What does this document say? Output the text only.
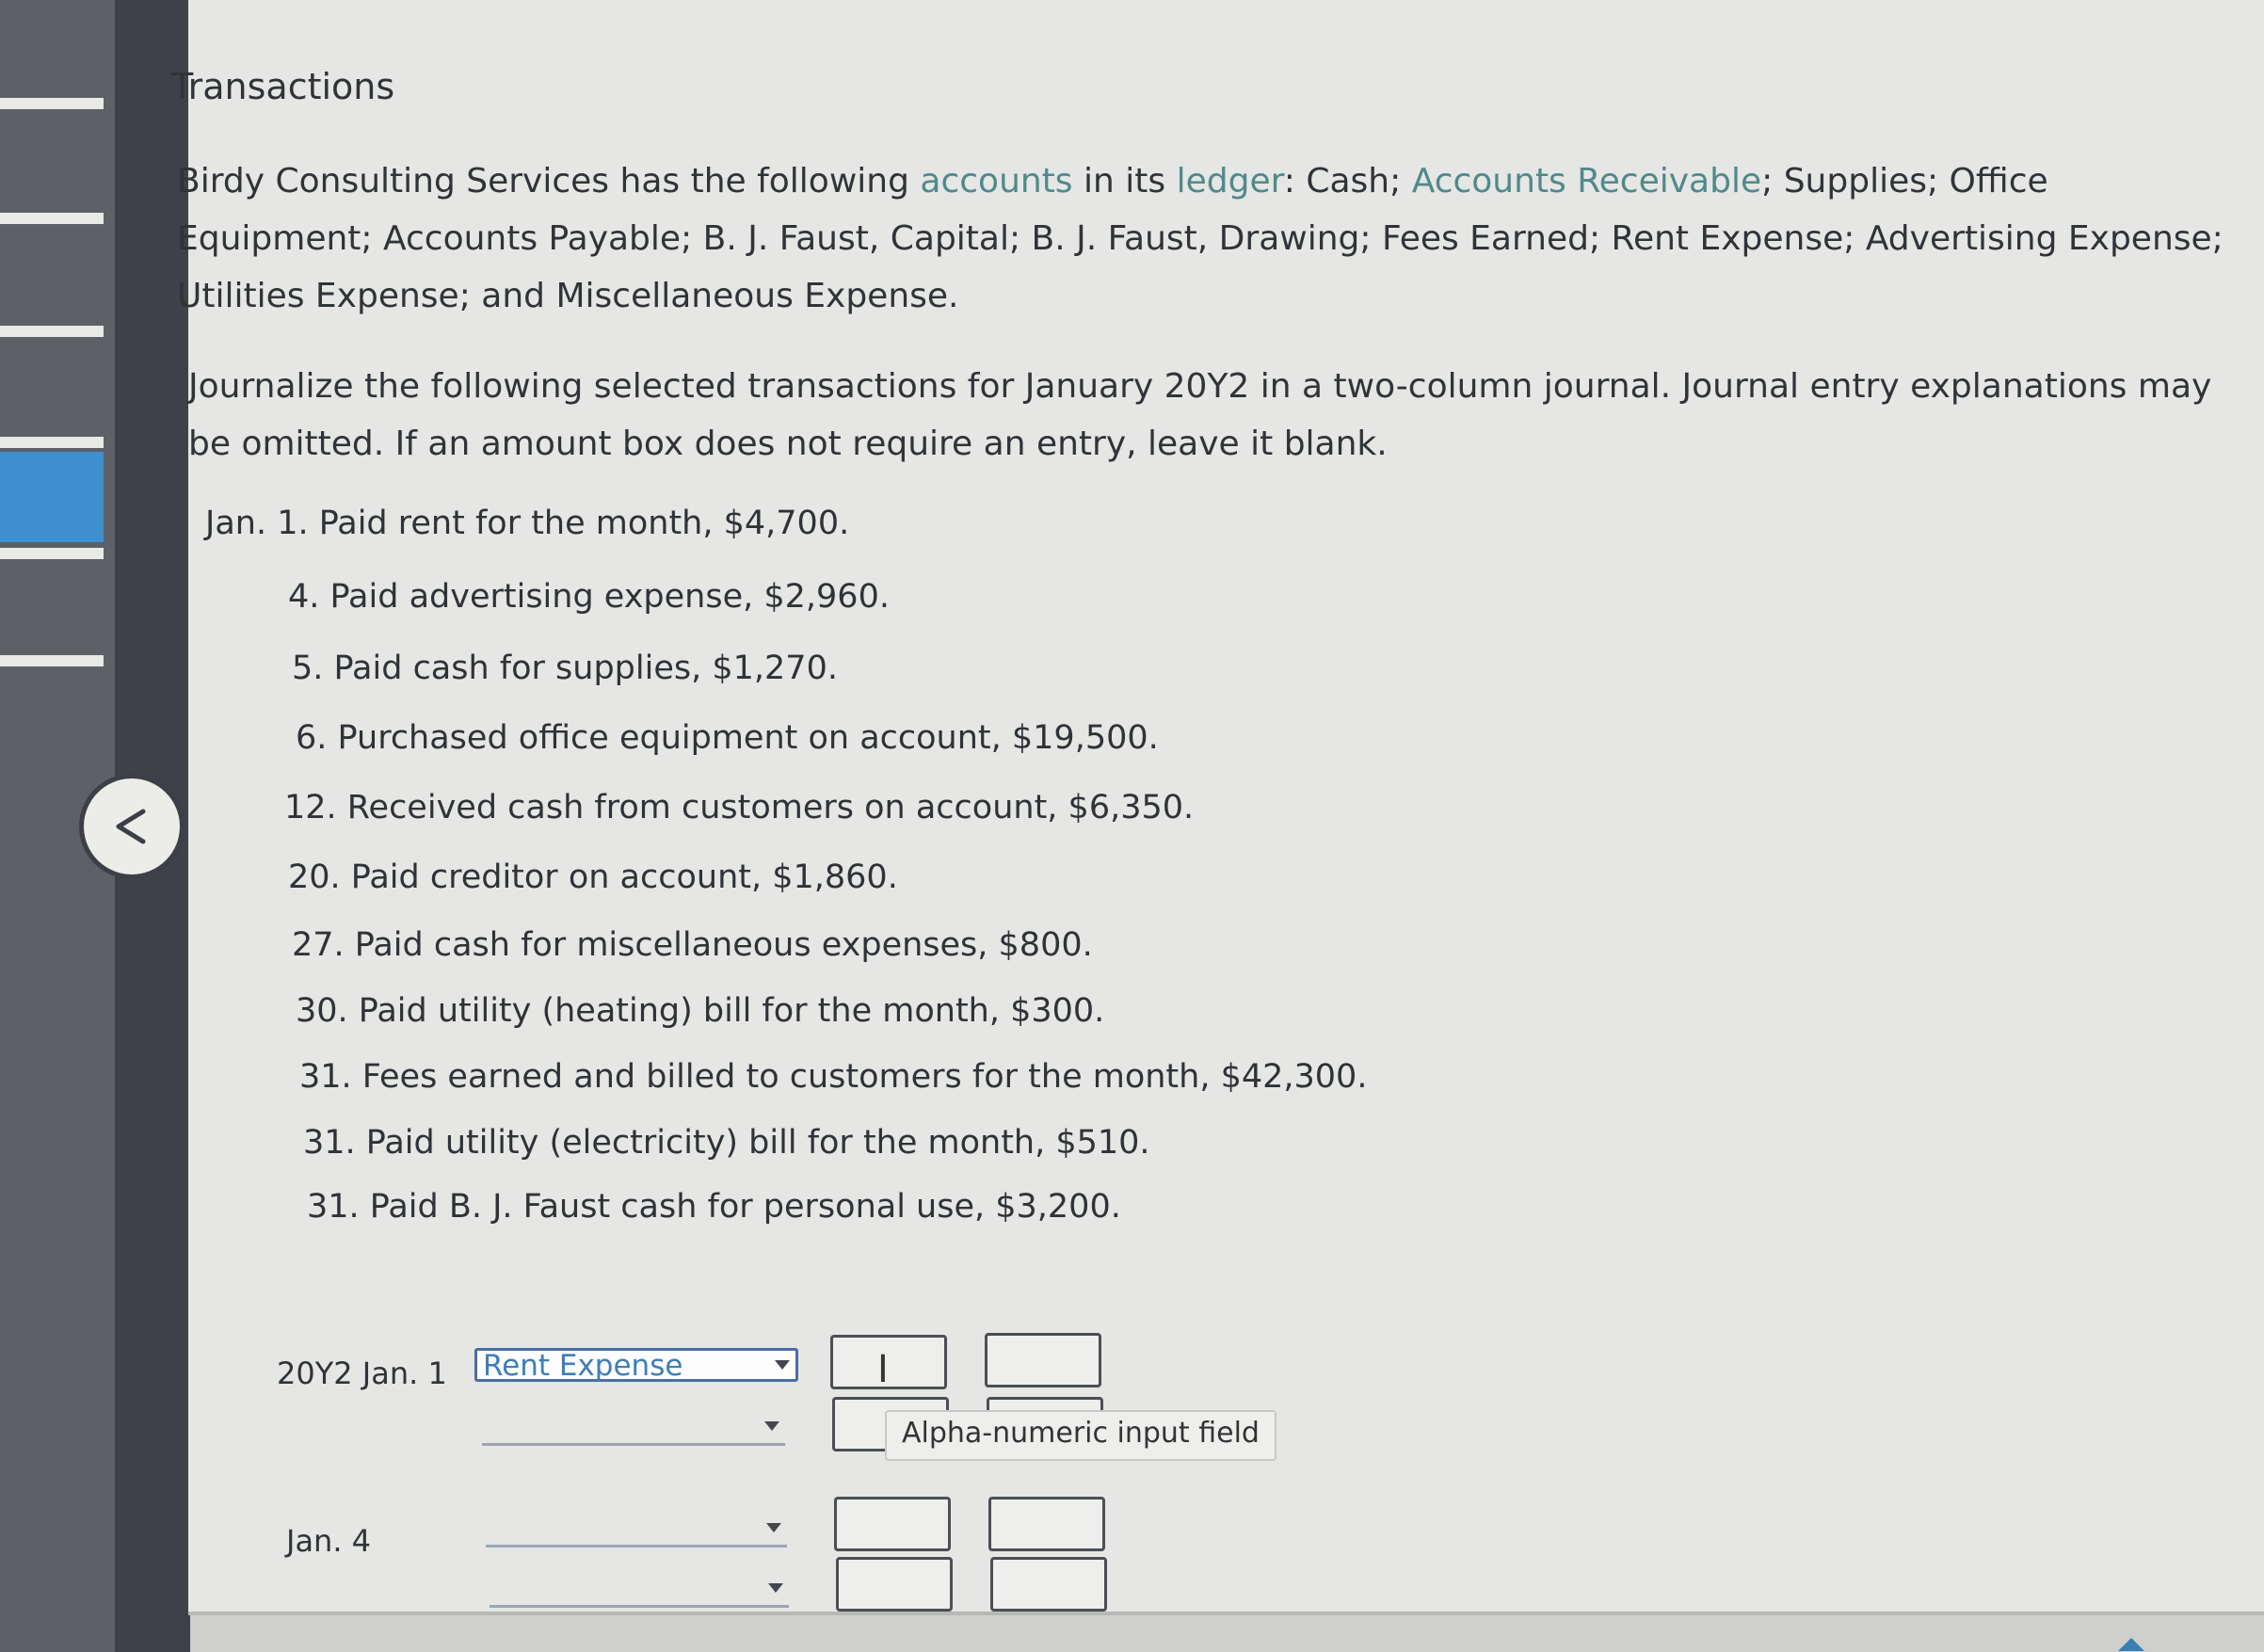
Transactions
Birdy Consulting Services has the following accounts in its ledger: Cash; Accounts Receivable; Supplies; Office Equipment; Accounts Payable; B. J. Faust, Capital; B. J. Faust, Drawing; Fees Earned; Rent Expense; Advertising Expense; Utilities Expense; and Miscellaneous Expense.
Journalize the following selected transactions for January 20Y2 in a two-column journal. Journal entry explanations may be omitted. If an amount box does not require an entry, leave it blank.
Jan. 1. Paid rent for the month, $4,700.
4. Paid advertising expense, $2,960.
5. Paid cash for supplies, $1,270.
6. Purchased office equipment on account, $19,500.
12. Received cash from customers on account, $6,350.
20. Paid creditor on account, $1,860.
27. Paid cash for miscellaneous expenses, $800.
30. Paid utility (heating) bill for the month, $300.
31. Fees earned and billed to customers for the month, $42,300.
31. Paid utility (electricity) bill for the month, $510.
31. Paid B. J. Faust cash for personal use, $3,200.
20Y2 Jan. 1 Rent Expense	I
Alpha-numeric input field
Jan. 4
